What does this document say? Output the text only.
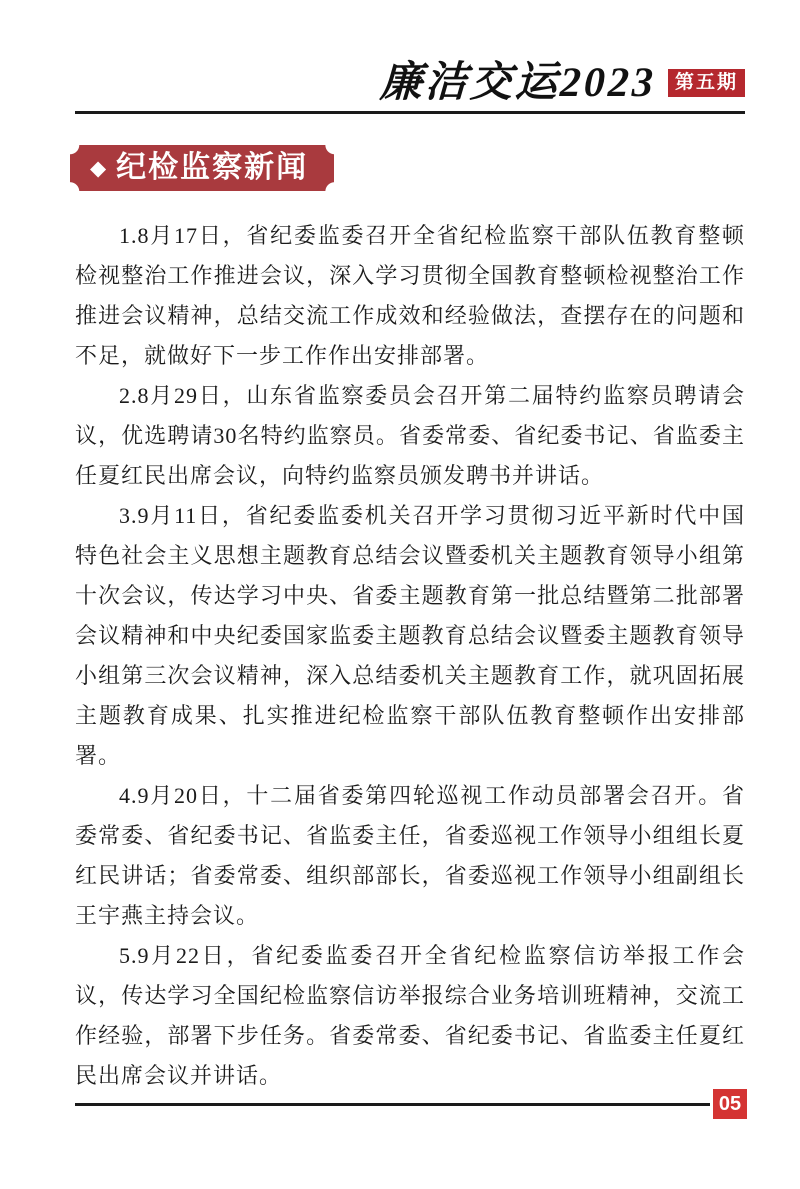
廉洁交运2023 第五期
◆ 纪检监察新闻

1.8月17日，省纪委监委召开全省纪检监察干部队伍教育整顿检视整治工作推进会议，深入学习贯彻全国教育整顿检视整治工作推进会议精神，总结交流工作成效和经验做法，查摆存在的问题和不足，就做好下一步工作作出安排部署。

2.8月29日，山东省监察委员会召开第二届特约监察员聘请会议，优选聘请30名特约监察员。省委常委、省纪委书记、省监委主任夏红民出席会议，向特约监察员颁发聘书并讲话。

3.9月11日，省纪委监委机关召开学习贯彻习近平新时代中国特色社会主义思想主题教育总结会议暨委机关主题教育领导小组第十次会议，传达学习中央、省委主题教育第一批总结暨第二批部署会议精神和中央纪委国家监委主题教育总结会议暨委主题教育领导小组第三次会议精神，深入总结委机关主题教育工作，就巩固拓展主题教育成果、扎实推进纪检监察干部队伍教育整顿作出安排部署。

4.9月20日，十二届省委第四轮巡视工作动员部署会召开。省委常委、省纪委书记、省监委主任，省委巡视工作领导小组组长夏红民讲话；省委常委、组织部部长，省委巡视工作领导小组副组长王宇燕主持会议。

5.9月22日，省纪委监委召开全省纪检监察信访举报工作会议，传达学习全国纪检监察信访举报综合业务培训班精神，交流工作经验，部署下步任务。省委常委、省纪委书记、省监委主任夏红民出席会议并讲话。

05
